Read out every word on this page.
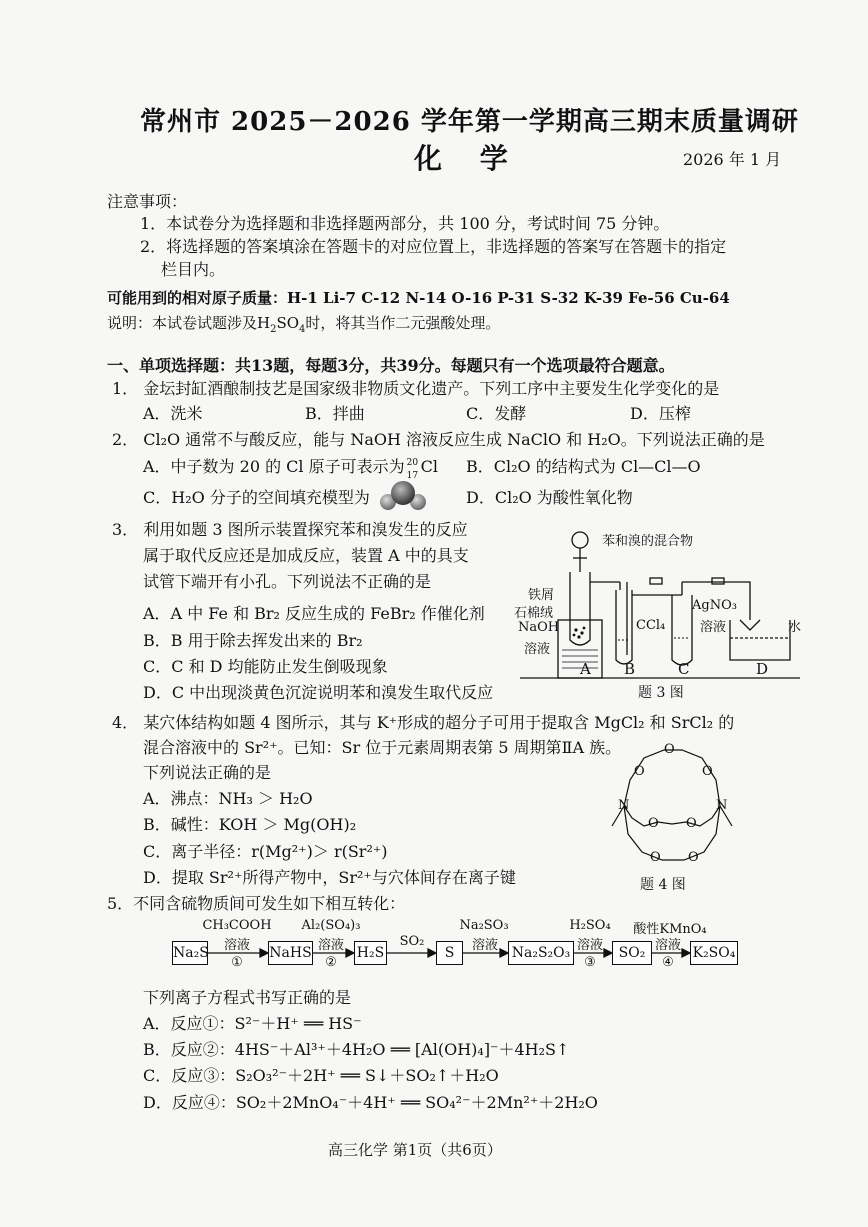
常州市 2025－2026 学年第一学期高三期末质量调研
化 学	2026 年 1 月
注意事项：
1．本试卷分为选择题和非选择题两部分，共 100 分，考试时间 75 分钟。
2．将选择题的答案填涂在答题卡的对应位置上，非选择题的答案写在答题卡的指定
栏目内。
可能用到的相对原子质量：H-1 Li-7 C-12 N-14 O-16 P-31 S-32 K-39 Fe-56 Cu-64
说明：本试卷试题涉及$H_2SO_4$时，将其当作二元强酸处理。
一、单项选择题：共13题，每题3分，共39分。每题只有一个选项最符合题意。
1． 金坛封缸酒酿制技艺是国家级非物质文化遗产。下列工序中主要发生化学变化的是
A．洗米	B．拌曲	C．发酵	D．压榨
2． Cl₂O 通常不与酸反应，能与 NaOH 溶液反应生成 NaClO 和 H₂O。下列说法正确的是
A．中子数为 20 的 Cl 原子可表示为 20
17 Cl B．Cl₂O 的结构式为 Cl—Cl—O
C．H₂O 分子的空间填充模型为	D．Cl₂O 为酸性氧化物
3． 利用如题 3 图所示装置探究苯和溴发生的反应
属于取代反应还是加成反应，装置 A 中的具支
试管下端开有小孔。下列说法不正确的是
A．A 中 Fe 和 Br₂ 反应生成的 FeBr₂ 作催化剂
B．B 用于除去挥发出来的 Br₂
C．C 和 D 均能防止发生倒吸现象
D．C 中出现淡黄色沉淀说明苯和溴发生取代反应
苯和溴的混合物
铁屑
石棉绒
NaOH
溶液
CCl₄
AgNO₃
溶液	水
A B	C	D
题 3 图
4． 某穴体结构如题 4 图所示，其与 K⁺形成的超分子可用于提取含 MgCl₂ 和 SrCl₂ 的
混合溶液中的 Sr²⁺。已知：Sr 位于元素周期表第 5 周期第ⅡA 族。
下列说法正确的是
A．沸点：NH₃ ＞ H₂O
B．碱性：KOH ＞ Mg(OH)₂
C．离子半径：r(Mg²⁺)＞ r(Sr²⁺)
D．提取 Sr²⁺所得产物中，Sr²⁺与穴体间存在离子键
O
O
O
N	N
O O
O O
题 4 图
5．不同含硫物质间可发生如下相互转化：
Na₂S	NaHS	H₂S	S	Na₂S₂O₃	SO₂	K₂SO₄
CH₃COOH
溶液
①
Al₂(SO₄)₃
溶液
②
SO₂
Na₂SO₃
溶液
H₂SO₄
溶液
③
酸性KMnO₄
溶液
④
下列离子方程式书写正确的是
A．反应①：S²⁻＋H⁺ ══ HS⁻
B．反应②：4HS⁻＋Al³⁺＋4H₂O ══ [Al(OH)₄]⁻＋4H₂S↑
C．反应③：S₂O₃²⁻＋2H⁺ ══ S↓＋SO₂↑＋H₂O
D．反应④：SO₂＋2MnO₄⁻＋4H⁺ ══ SO₄²⁻＋2Mn²⁺＋2H₂O
高三化学 第1页（共6页）
